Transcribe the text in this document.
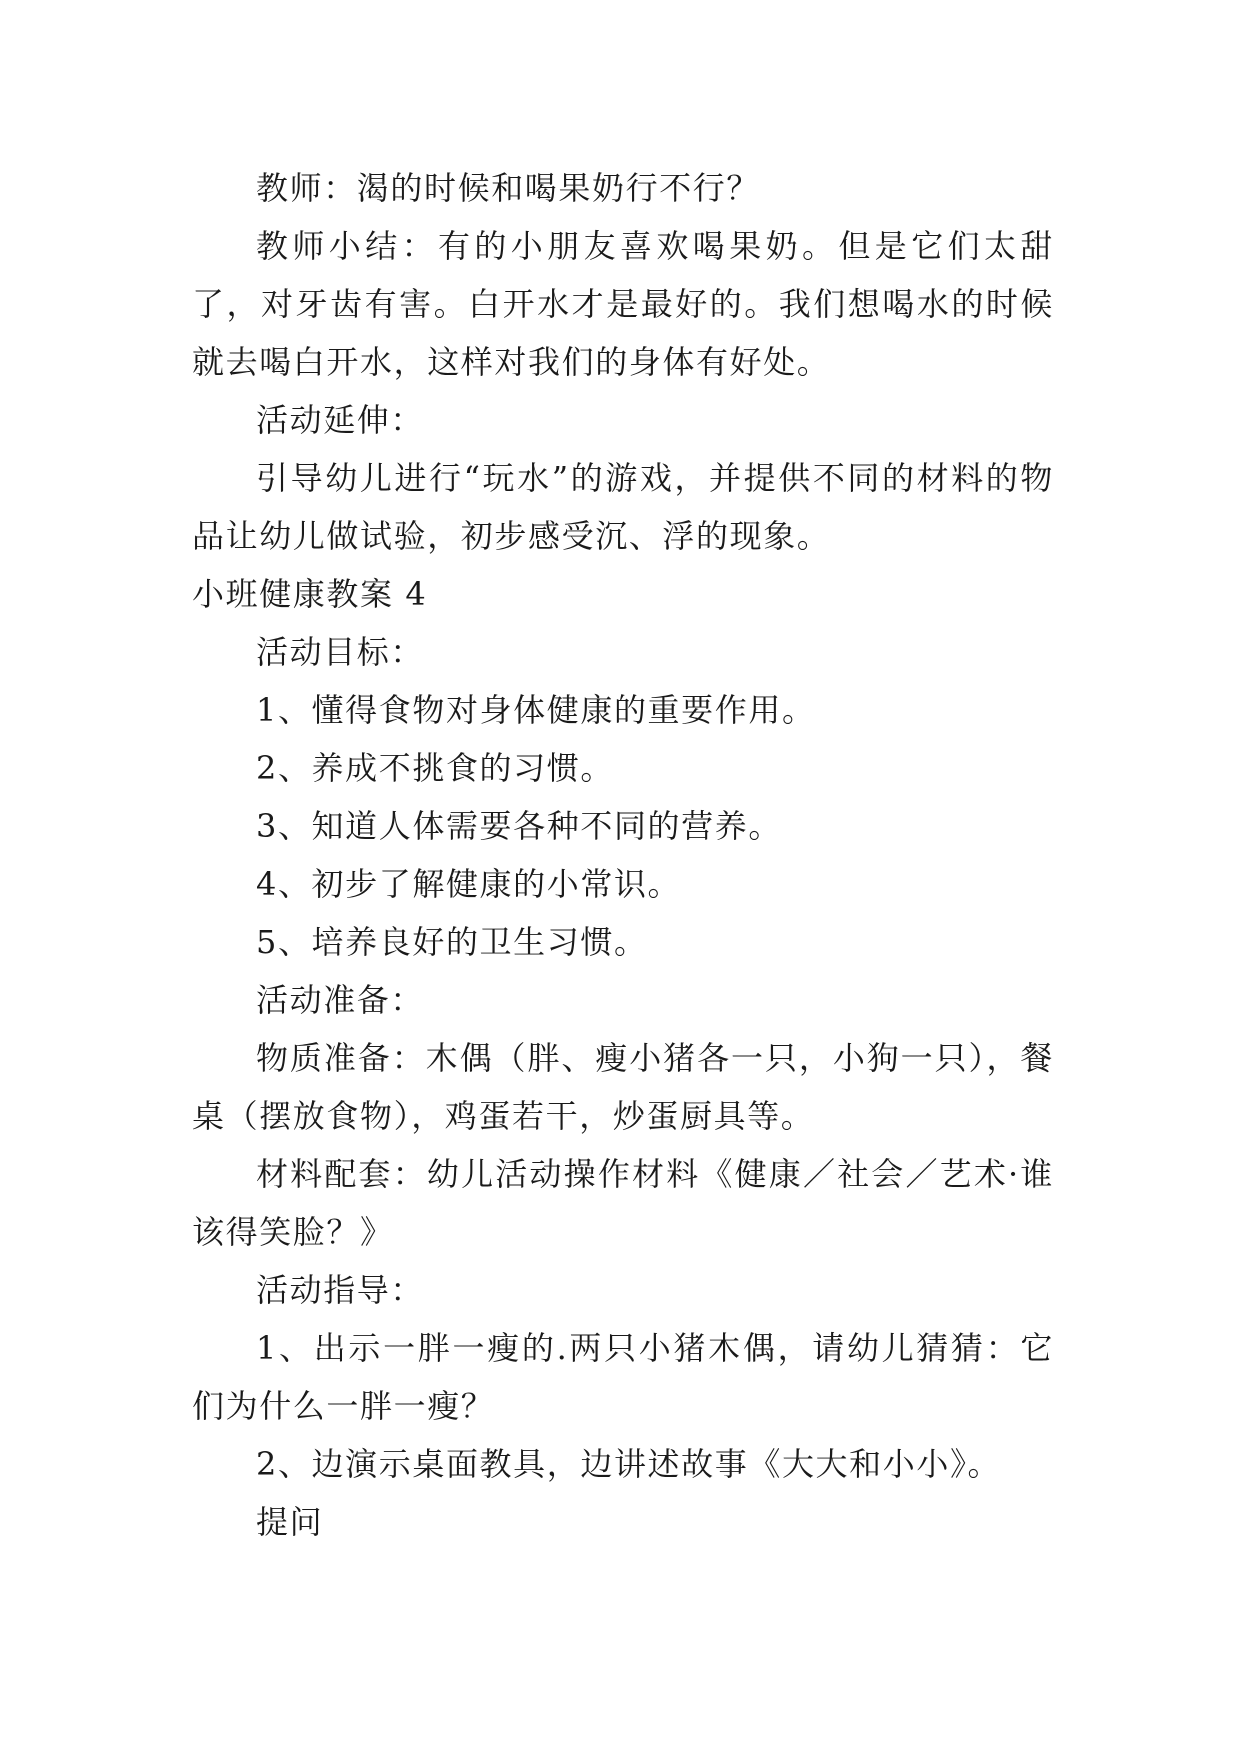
教师：渴的时候和喝果奶行不行？

教师小结：有的小朋友喜欢喝果奶。但是它们太甜了，对牙齿有害。白开水才是最好的。我们想喝水的时候就去喝白开水，这样对我们的身体有好处。

活动延伸：

引导幼儿进行“玩水”的游戏，并提供不同的材料的物品让幼儿做试验，初步感受沉、浮的现象。

小班健康教案 4

活动目标：

1、懂得食物对身体健康的重要作用。

2、养成不挑食的习惯。

3、知道人体需要各种不同的营养。

4、初步了解健康的小常识。

5、培养良好的卫生习惯。

活动准备：

物质准备：木偶（胖、瘦小猪各一只，小狗一只），餐桌（摆放食物），鸡蛋若干，炒蛋厨具等。

材料配套：幼儿活动操作材料《健康／社会／艺术·谁该得笑脸？》

活动指导：

1、出示一胖一瘦的.两只小猪木偶，请幼儿猜猜：它们为什么一胖一瘦？

2、边演示桌面教具，边讲述故事《大大和小小》。

提问
